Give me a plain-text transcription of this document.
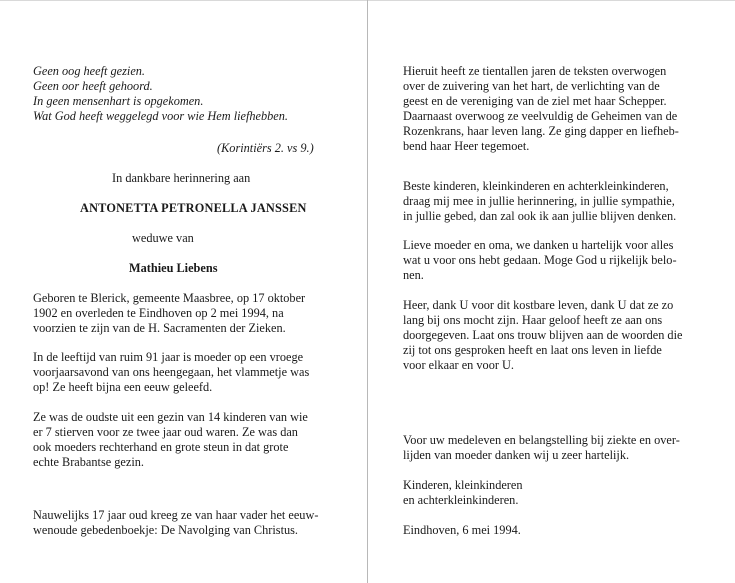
Geen oog heeft gezien.
Geen oor heeft gehoord.
In geen mensenhart is opgekomen.
Wat God heeft weggelegd voor wie Hem liefhebben.
(Korintiërs 2. vs 9.)
In dankbare herinnering aan
ANTONETTA PETRONELLA JANSSEN
weduwe van
Mathieu Liebens
Geboren te Blerick, gemeente Maasbree, op 17 oktober
1902 en overleden te Eindhoven op 2 mei 1994, na
voorzien te zijn van de H. Sacramenten der Zieken.
In de leeftijd van ruim 91 jaar is moeder op een vroege
voorjaarsavond van ons heengegaan, het vlammetje was
op! Ze heeft bijna een eeuw geleefd.
Ze was de oudste uit een gezin van 14 kinderen van wie
er 7 stierven voor ze twee jaar oud waren. Ze was dan
ook moeders rechterhand en grote steun in dat grote
echte Brabantse gezin.
Nauwelijks 17 jaar oud kreeg ze van haar vader het eeuw-
wenoude gebedenboekje: De Navolging van Christus.
Hieruit heeft ze tientallen jaren de teksten overwogen
over de zuivering van het hart, de verlichting van de
geest en de vereniging van de ziel met haar Schepper.
Daarnaast overwoog ze veelvuldig de Geheimen van de
Rozenkrans, haar leven lang. Ze ging dapper en liefheb-
bend haar Heer tegemoet.
Beste kinderen, kleinkinderen en achterkleinkinderen,
draag mij mee in jullie herinnering, in jullie sympathie,
in jullie gebed, dan zal ook ik aan jullie blijven denken.
Lieve moeder en oma, we danken u hartelijk voor alles
wat u voor ons hebt gedaan. Moge God u rijkelijk belo-
nen.
Heer, dank U voor dit kostbare leven, dank U dat ze zo
lang bij ons mocht zijn. Haar geloof heeft ze aan ons
doorgegeven. Laat ons trouw blijven aan de woorden die
zij tot ons gesproken heeft en laat ons leven in liefde
voor elkaar en voor U.
Voor uw medeleven en belangstelling bij ziekte en over-
lijden van moeder danken wij u zeer hartelijk.
Kinderen, kleinkinderen
en achterkleinkinderen.
Eindhoven, 6 mei 1994.
